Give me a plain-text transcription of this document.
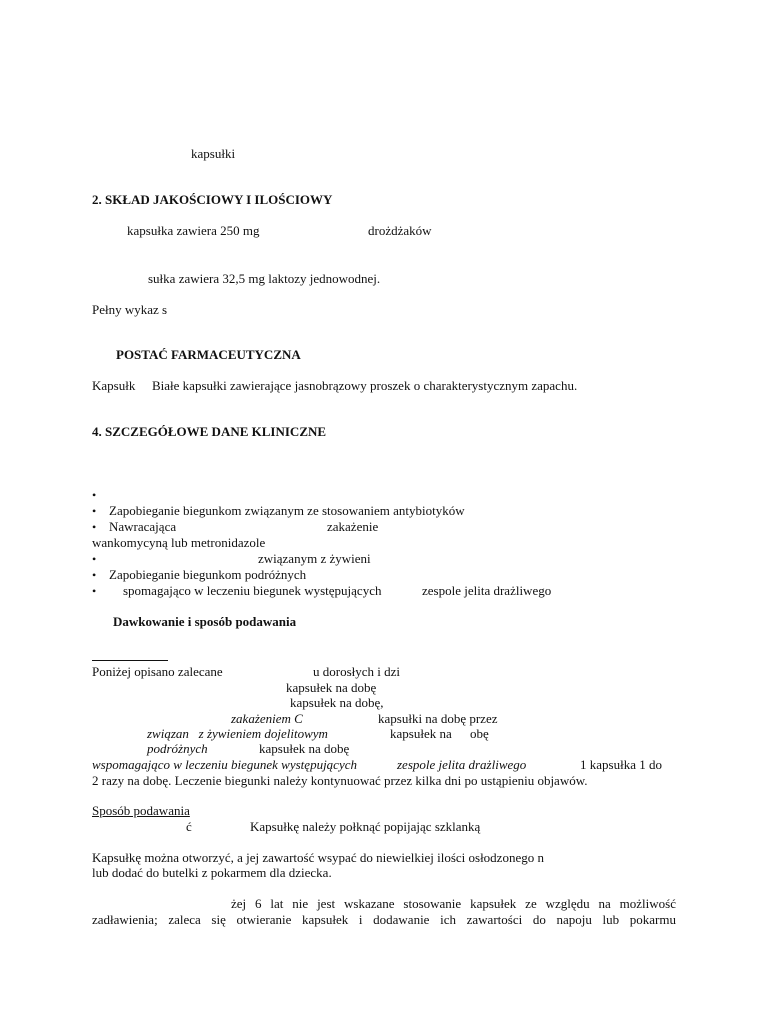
kapsułki
2. SKŁAD JAKOŚCIOWY I ILOŚCIOWY
kapsułka zawiera 250 mg	drożdżaków
sułka zawiera 32,5 mg laktozy jednowodnej.
Pełny wykaz s
POSTAĆ FARMACEUTYCZNA
Kapsułk Białe kapsułki zawierające jasnobrązowy proszek o charakterystycznym zapachu.
4. SZCZEGÓŁOWE DANE KLINICZNE
•
• Zapobieganie biegunkom związanym ze stosowaniem antybiotyków
• Nawracająca	zakażenie
wankomycyną lub metronidazole
•	związanym z żywieni
• Zapobieganie biegunkom podróżnych
• spomagająco w leczeniu biegunek występujących	zespole jelita drażliwego
Dawkowanie i sposób podawania
Poniżej opisano zalecane	u dorosłych i dzi
kapsułek na dobę
kapsułek na dobę,
zakażeniem C	kapsułki na dobę przez
związan   z żywieniem dojelitowym	kapsułek na obę
podróżnych	kapsułek na dobę
wspomagająco w leczeniu biegunek występujących	zespole jelita drażliwego	1 kapsułka 1 do
2 razy na dobę. Leczenie biegunki należy kontynuować przez kilka dni po ustąpieniu objawów.
Sposób podawania
ć	Kapsułkę należy połknąć popijając szklanką
Kapsułkę można otworzyć, a jej zawartość wsypać do niewielkiej ilości osłodzonego n
lub dodać do butelki z pokarmem dla dziecka.
żej 6 lat nie jest wskazane stosowanie kapsułek ze względu na możliwość
zadławienia; zaleca się otwieranie kapsułek i dodawanie ich zawartości do napoju lub pokarmu
